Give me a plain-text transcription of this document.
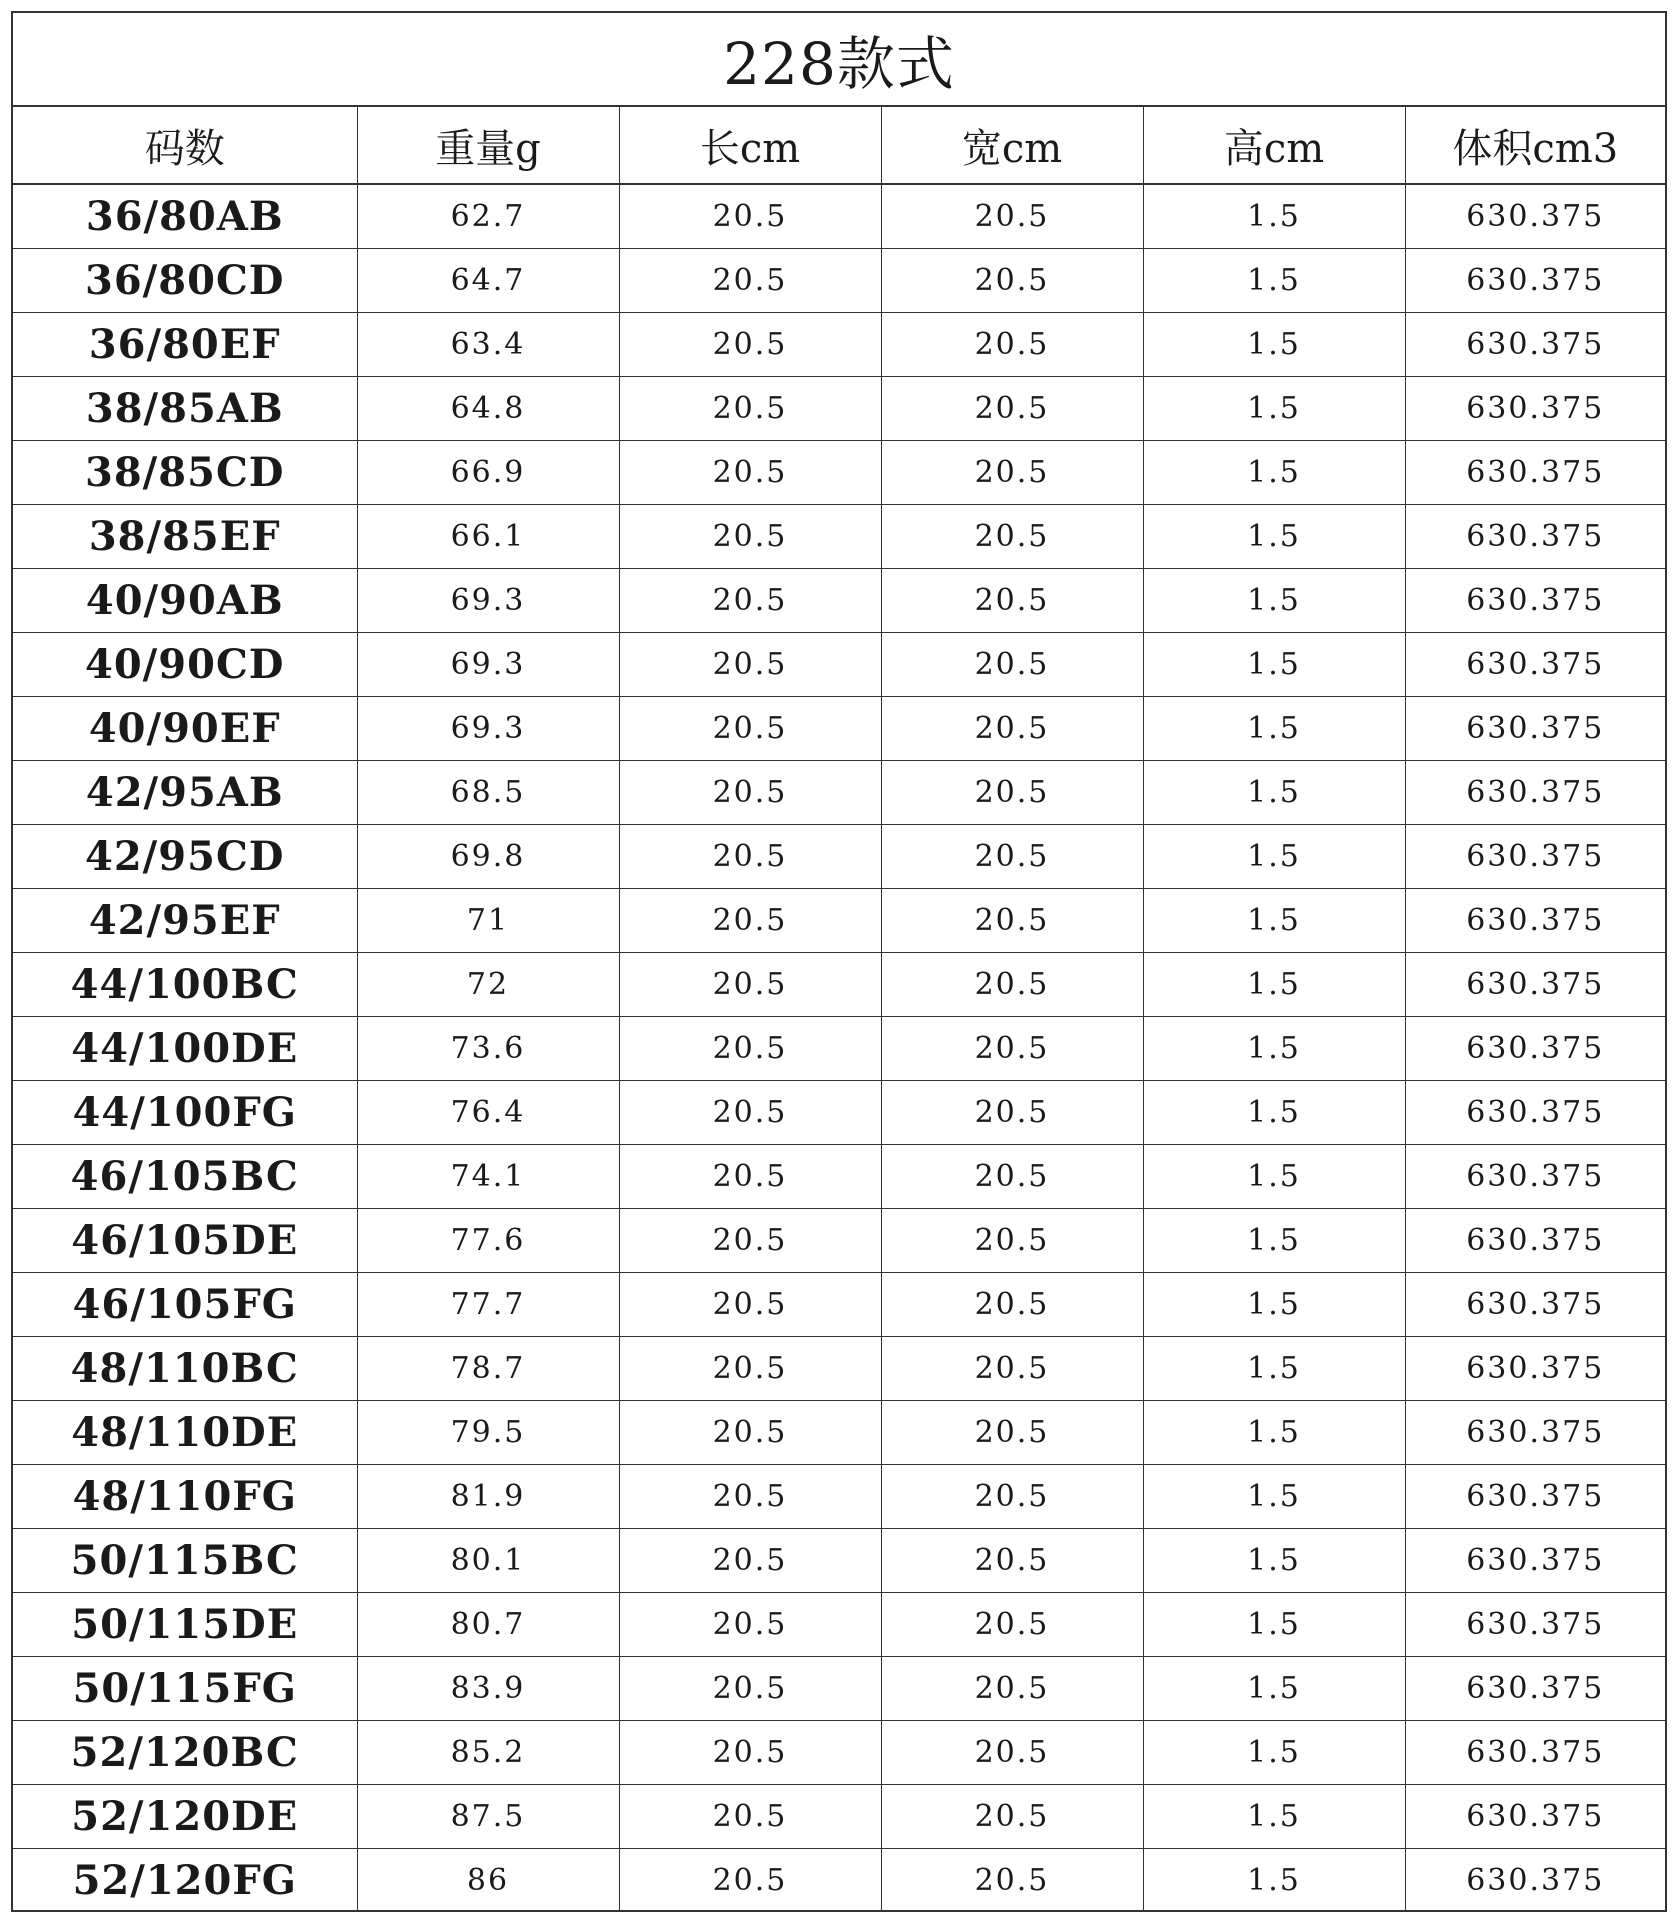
228款式
码数	重量g	长cm	宽cm	高cm	体积cm3
36/80AB	62.7	20.5	20.5	1.5	630.375
36/80CD	64.7	20.5	20.5	1.5	630.375
36/80EF	63.4	20.5	20.5	1.5	630.375
38/85AB	64.8	20.5	20.5	1.5	630.375
38/85CD	66.9	20.5	20.5	1.5	630.375
38/85EF	66.1	20.5	20.5	1.5	630.375
40/90AB	69.3	20.5	20.5	1.5	630.375
40/90CD	69.3	20.5	20.5	1.5	630.375
40/90EF	69.3	20.5	20.5	1.5	630.375
42/95AB	68.5	20.5	20.5	1.5	630.375
42/95CD	69.8	20.5	20.5	1.5	630.375
42/95EF	71	20.5	20.5	1.5	630.375
44/100BC	72	20.5	20.5	1.5	630.375
44/100DE	73.6	20.5	20.5	1.5	630.375
44/100FG	76.4	20.5	20.5	1.5	630.375
46/105BC	74.1	20.5	20.5	1.5	630.375
46/105DE	77.6	20.5	20.5	1.5	630.375
46/105FG	77.7	20.5	20.5	1.5	630.375
48/110BC	78.7	20.5	20.5	1.5	630.375
48/110DE	79.5	20.5	20.5	1.5	630.375
48/110FG	81.9	20.5	20.5	1.5	630.375
50/115BC	80.1	20.5	20.5	1.5	630.375
50/115DE	80.7	20.5	20.5	1.5	630.375
50/115FG	83.9	20.5	20.5	1.5	630.375
52/120BC	85.2	20.5	20.5	1.5	630.375
52/120DE	87.5	20.5	20.5	1.5	630.375
52/120FG	86	20.5	20.5	1.5	630.375
